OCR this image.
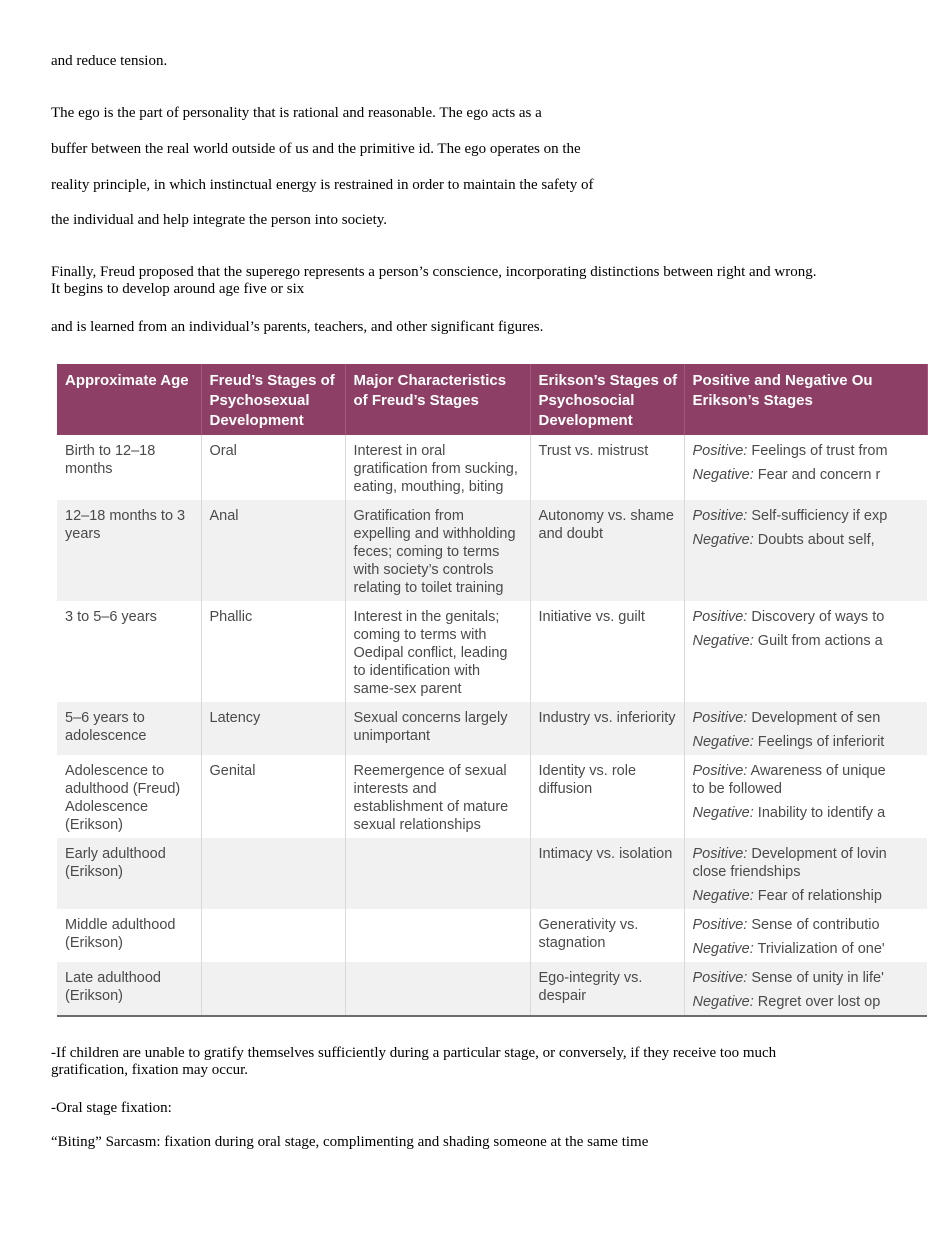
and reduce tension.

The ego is the part of personality that is rational and reasonable. The ego acts as a

buffer between the real world outside of us and the primitive id. The ego operates on the

reality principle, in which instinctual energy is restrained in order to maintain the safety of

the individual and help integrate the person into society.

Finally, Freud proposed that the superego represents a person’s conscience, incorporating distinctions between right and wrong. It begins to develop around age five or six

and is learned from an individual’s parents, teachers, and other significant figures.

Approximate Age	Freud’s Stages of Psychosexual Development	Major Characteristics of Freud’s Stages	Erikson’s Stages of Psychosocial Development	Positive and Negative Ou Erikson’s Stages
Birth to 12–18 months	Oral	Interest in oral gratification from sucking, eating, mouthing, biting	Trust vs. mistrust	Positive: Feelings of trust from
Negative: Fear and concern r

12–18 months to 3 years	Anal	Gratification from expelling and withholding feces; coming to terms with society’s controls relating to toilet training	Autonomy vs. shame and doubt	Positive: Self-sufficiency if exp
Negative: Doubts about self,

3 to 5–6 years	Phallic	Interest in the genitals; coming to terms with Oedipal conflict, leading to identification with same-sex parent	Initiative vs. guilt	Positive: Discovery of ways to
Negative: Guilt from actions a

5–6 years to adolescence	Latency	Sexual concerns largely unimportant	Industry vs. inferiority	Positive: Development of sen
Negative: Feelings of inferiorit

Adolescence to adulthood (Freud) Adolescence (Erikson)	Genital	Reemergence of sexual interests and establishment of mature sexual relationships	Identity vs. role diffusion	Positive: Awareness of unique
to be followed
Negative: Inability to identify a

Early adulthood (Erikson)			Intimacy vs. isolation	Positive: Development of lovin
close friendships
Negative: Fear of relationship

Middle adulthood (Erikson)			Generativity vs. stagnation	Positive: Sense of contributio
Negative: Trivialization of one'

Late adulthood (Erikson)			Ego-integrity vs. despair	Positive: Sense of unity in life'
Negative: Regret over lost op

-If children are unable to gratify themselves sufficiently during a particular stage, or conversely, if they receive too much gratification, fixation may occur.

-Oral stage fixation:

“Biting” Sarcasm: fixation during oral stage, complimenting and shading someone at the same time
